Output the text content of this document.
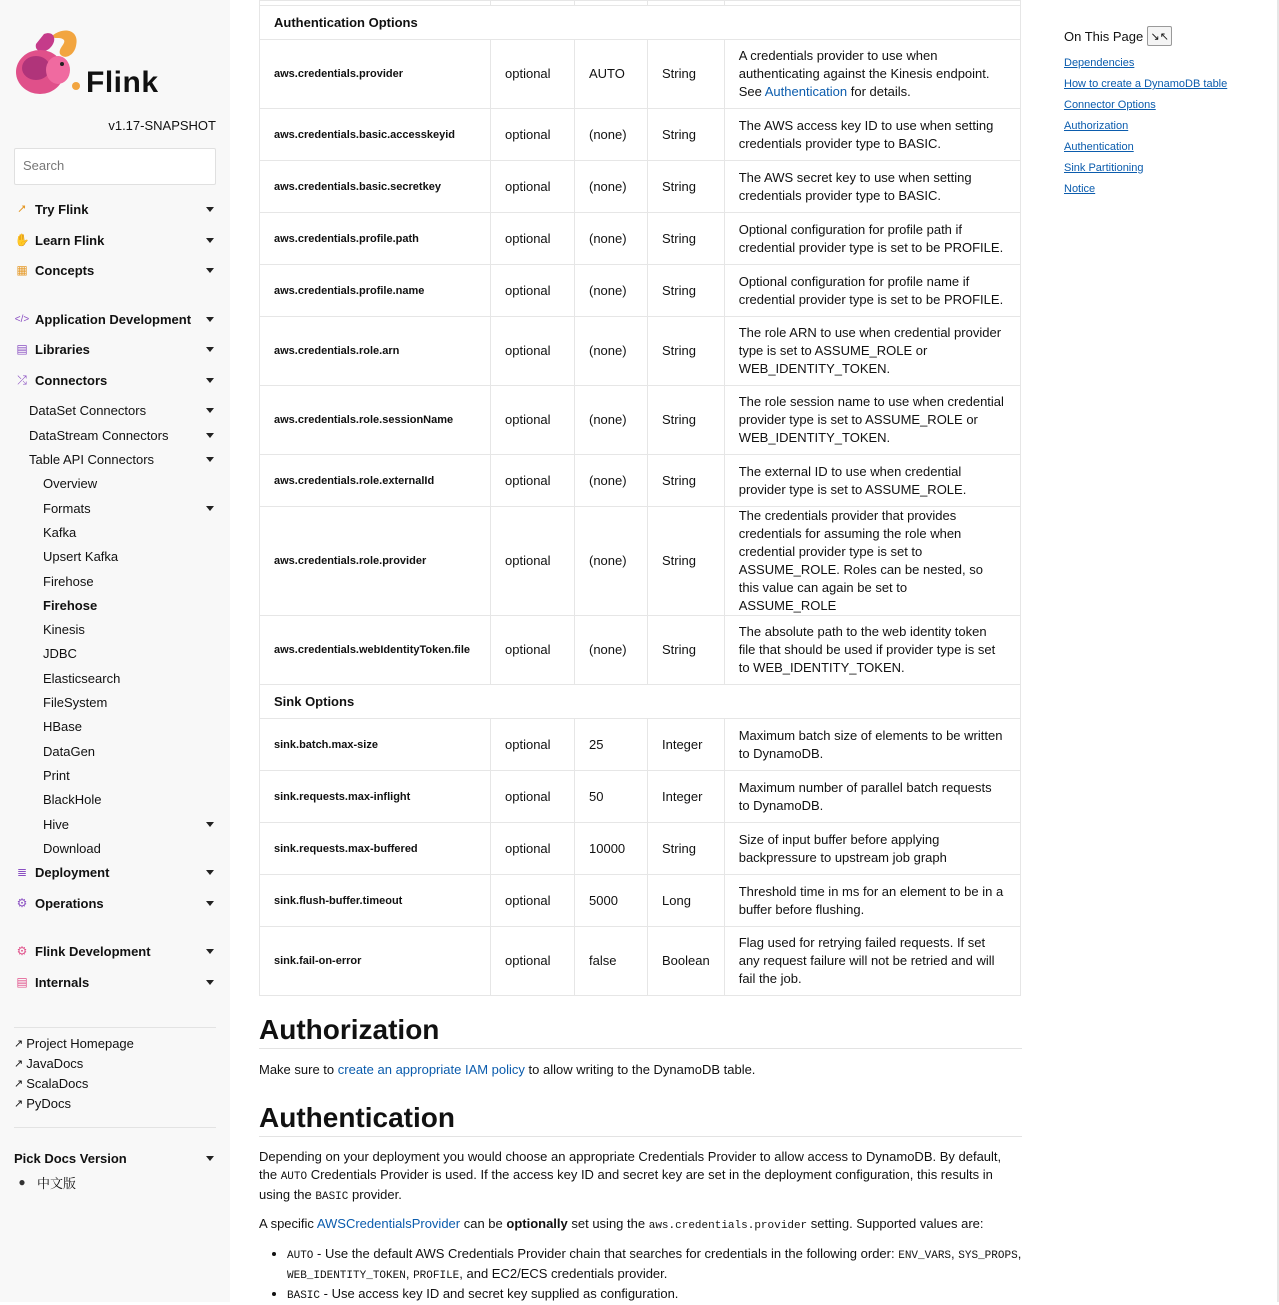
Flink
v1.17-SNAPSHOT
Search
⭧ Try Flink
✋ Learn Flink
▦ Concepts
</> Application Development
▤ Libraries
⤮ Connectors
DataSet Connectors
DataStream Connectors
Table API Connectors
Overview
Formats
Kafka
Upsert Kafka
Firehose
Firehose
Kinesis
JDBC
Elasticsearch
FileSystem
HBase
DataGen
Print
BlackHole
Hive
Download
≣ Deployment
⚙ Operations
⚙ Flink Development
▤ Internals
↗ Project Homepage
↗ JavaDocs
↗ ScalaDocs
↗ PyDocs
Pick Docs Version
● 中文版

Authentication Options				
aws.credentials.provider	optional	AUTO	String	A credentials provider to use when authenticating against the Kinesis endpoint. See Authentication for details.
aws.credentials.basic.accesskeyid	optional	(none)	String	The AWS access key ID to use when setting credentials provider type to BASIC.
aws.credentials.basic.secretkey	optional	(none)	String	The AWS secret key to use when setting credentials provider type to BASIC.
aws.credentials.profile.path	optional	(none)	String	Optional configuration for profile path if credential provider type is set to be PROFILE.
aws.credentials.profile.name	optional	(none)	String	Optional configuration for profile name if credential provider type is set to be PROFILE.
aws.credentials.role.arn	optional	(none)	String	The role ARN to use when credential provider type is set to ASSUME_ROLE or WEB_IDENTITY_TOKEN.
aws.credentials.role.sessionName	optional	(none)	String	The role session name to use when credential provider type is set to ASSUME_ROLE or WEB_IDENTITY_TOKEN.
aws.credentials.role.externalId	optional	(none)	String	The external ID to use when credential provider type is set to ASSUME_ROLE.
aws.credentials.role.provider	optional	(none)	String	The credentials provider that provides credentials for assuming the role when credential provider type is set to ASSUME_ROLE. Roles can be nested, so this value can again be set to ASSUME_ROLE
aws.credentials.webIdentityToken.file	optional	(none)	String	The absolute path to the web identity token file that should be used if provider type is set to WEB_IDENTITY_TOKEN.
Sink Options				
sink.batch.max-size	optional	25	Integer	Maximum batch size of elements to be written to DynamoDB.
sink.requests.max-inflight	optional	50	Integer	Maximum number of parallel batch requests to DynamoDB.
sink.requests.max-buffered	optional	10000	String	Size of input buffer before applying backpressure to upstream job graph
sink.flush-buffer.timeout	optional	5000	Long	Threshold time in ms for an element to be in a buffer before flushing.
sink.fail-on-error	optional	false	Boolean	Flag used for retrying failed requests. If set any request failure will not be retried and will fail the job.
Authorization

Make sure to create an appropriate IAM policy to allow writing to the DynamoDB table.

Authentication

Depending on your deployment you would choose an appropriate Credentials Provider to allow access to DynamoDB. By default, the AUTO Credentials Provider is used. If the access key ID and secret key are set in the deployment configuration, this results in using the BASIC provider.

A specific AWSCredentialsProvider can be optionally set using the aws.credentials.provider setting. Supported values are:

• AUTO - Use the default AWS Credentials Provider chain that searches for credentials in the following order: ENV_VARS, SYS_PROPS, WEB_IDENTITY_TOKEN, PROFILE, and EC2/ECS credentials provider.
• BASIC - Use access key ID and secret key supplied as configuration.
On This Page ↘↖
Dependencies
How to create a DynamoDB table
Connector Options
Authorization
Authentication
Sink Partitioning
Notice
